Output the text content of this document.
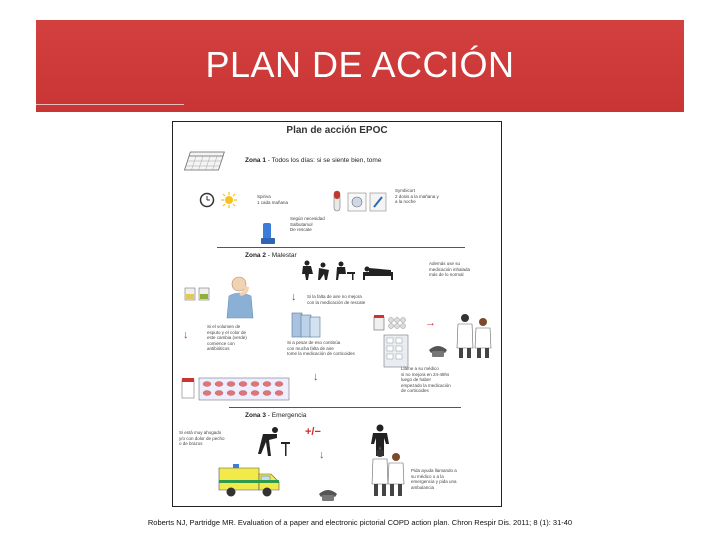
PLAN DE ACCIÓN
Plan de acción EPOC
Zona 1 - Todos los días: si se siente bien, tome
Spiriva
1 cada mañana
Symbicort
2 dosis a la mañana y
a la noche
Según necesidad
Salbutamol
De rescate
Zona 2 - Malestar
Además use su
medicación inhalada
más de lo normal
↓ Si la falta de aire no mejora
con la medicación de rescate
↓
Si el volumen de
esputo y el color de
este cambia (verde)
comience con
antibióticos
→
Si a pesar de eso continúa
con mucha falta de aire
tome la medicación de corticoides
↓
Llame a su médico
si no mejora en 24-48hs
luego de haber
empezado la medicación
de corticoides
Zona 3 - Emergencia
Si está muy ahogado
y/o con dolor de pecho
o de brazos
+/−
↓
Pida ayuda llamando a
su médico o a la
emergencia y pida una
ambulancia
Roberts NJ, Partridge MR. Evaluation of a paper and electronic pictorial COPD action plan. Chron Respir Dis. 2011; 8 (1): 31-40
